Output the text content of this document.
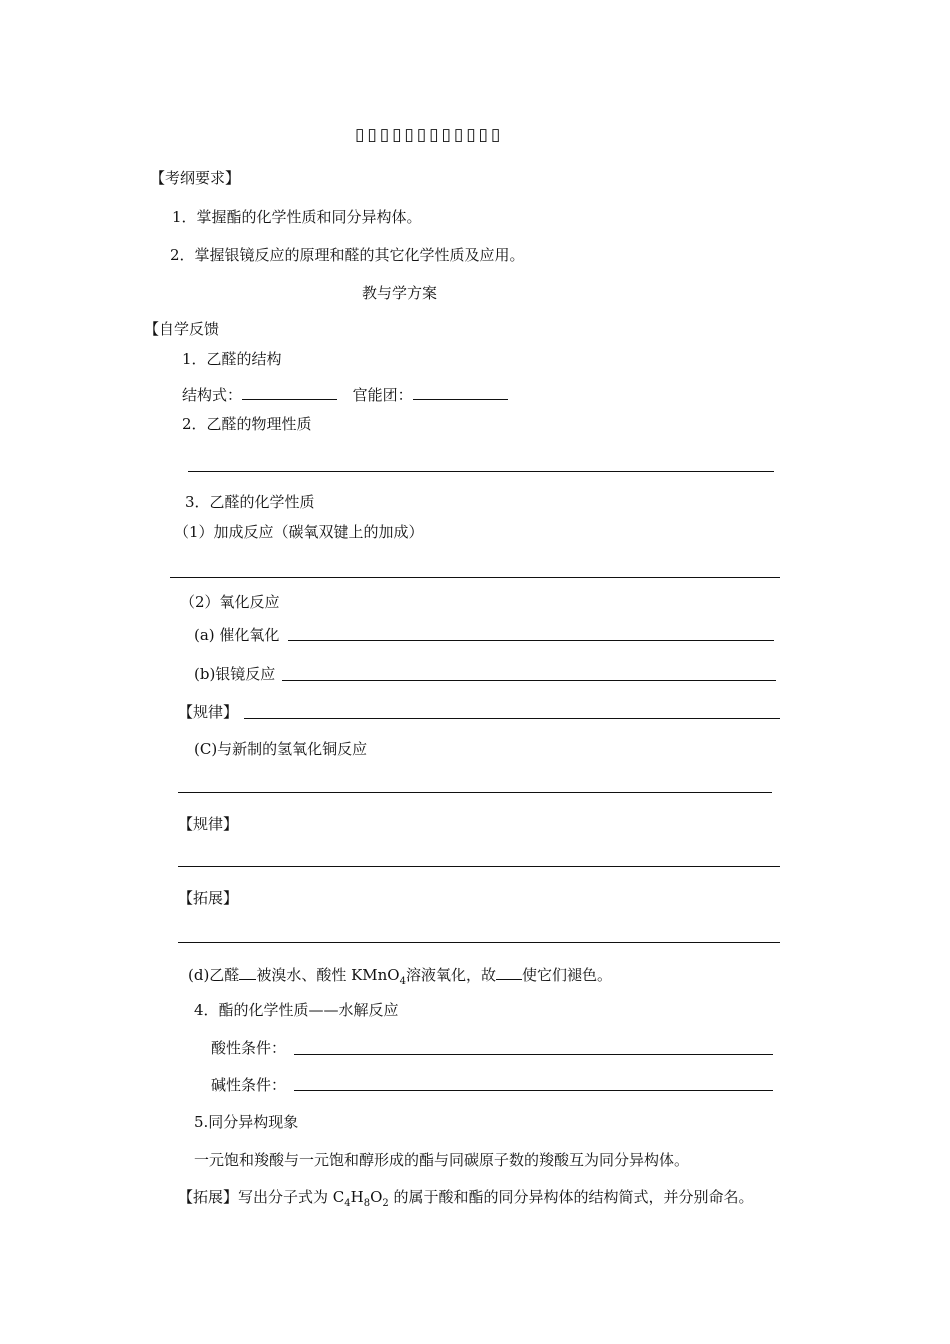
▯▯▯▯▯▯▯▯▯▯▯▯
【考纲要求】
1．掌握酯的化学性质和同分异构体。
2．掌握银镜反应的原理和醛的其它化学性质及应用。
教与学方案
【自学反馈
1．乙醛的结构
结构式：	官能团：
2．乙醛的物理性质
3．乙醛的化学性质
（1）加成反应（碳氧双键上的加成）
（2）氧化反应
(a) 催化氧化
(b)银镜反应
【规律】
(C)与新制的氢氧化铜反应
【规律】
【拓展】
(d)乙醛 被溴水、酸性 KMnO$_4$溶液氧化，故 使它们褪色。
4．酯的化学性质——水解反应
酸性条件：
碱性条件：
5.同分异构现象
一元饱和羧酸与一元饱和醇形成的酯与同碳原子数的羧酸互为同分异构体。
【拓展】写出分子式为 $C_4H_8O_2$ 的属于酸和酯的同分异构体的结构简式，并分别命名。
